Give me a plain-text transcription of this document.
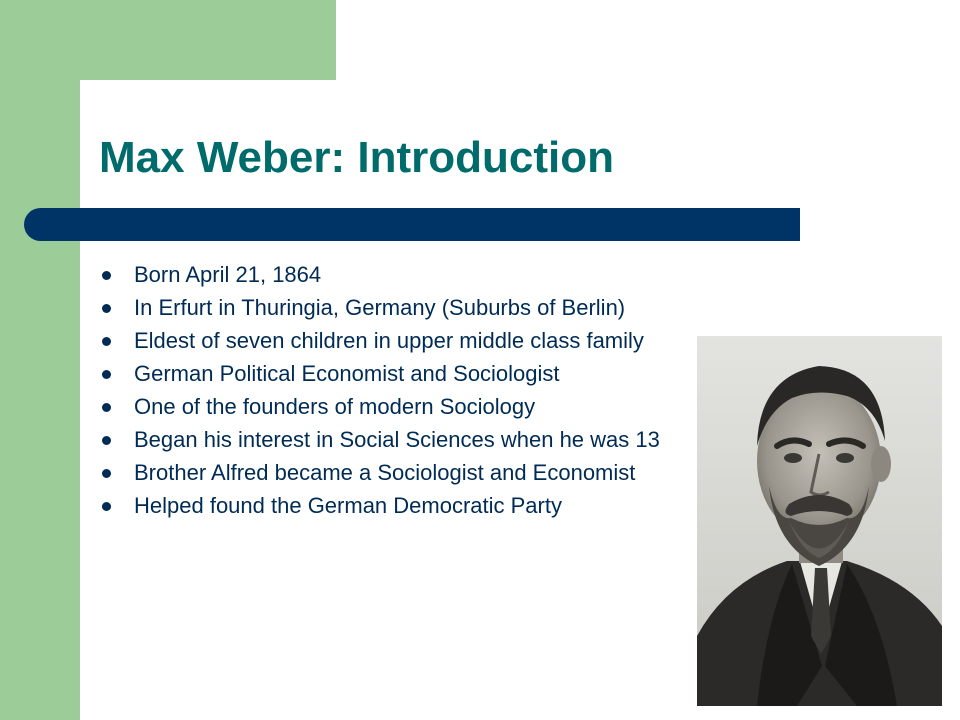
Max Weber: Introduction
Born April 21, 1864
In Erfurt in Thuringia, Germany (Suburbs of Berlin)
Eldest of seven children in upper middle class family
German Political Economist and Sociologist
One of the founders of modern Sociology
Began his interest in Social Sciences when he was 13
Brother Alfred became a Sociologist and Economist
Helped found the German Democratic Party
